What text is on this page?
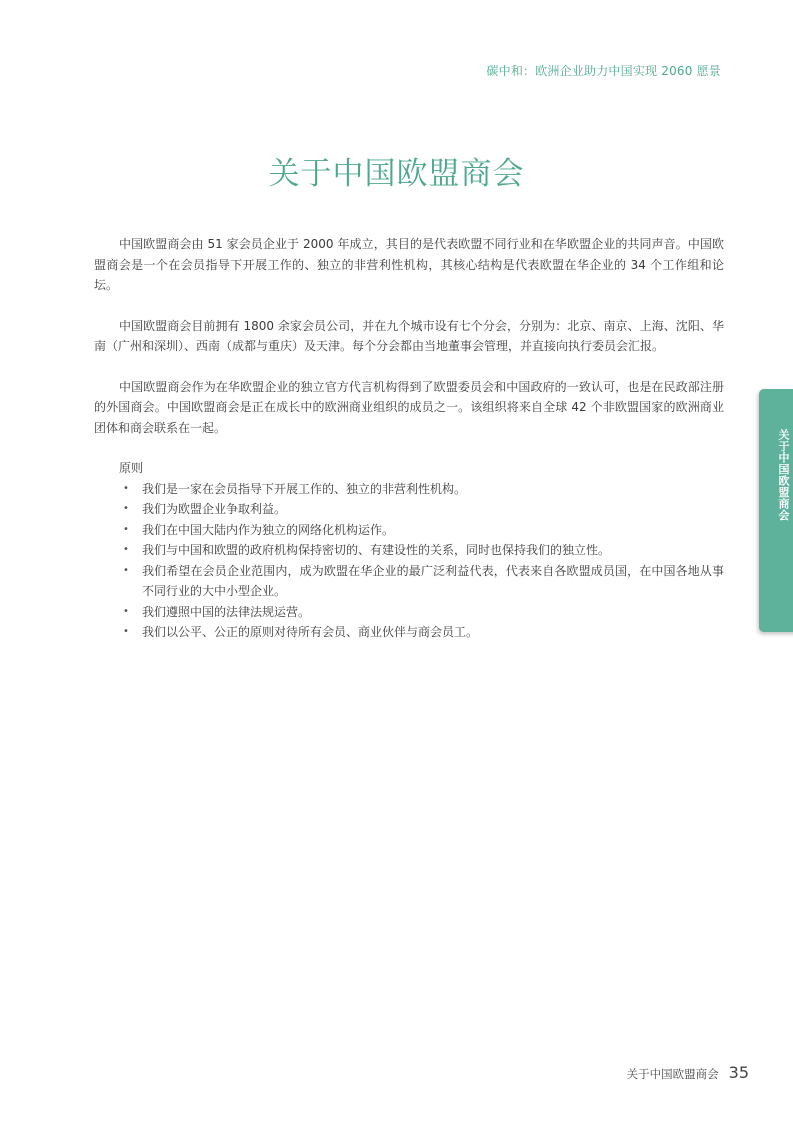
碳中和：欧洲企业助力中国实现 2060 愿景
关于中国欧盟商会

中国欧盟商会由 51 家会员企业于 2000 年成立，其目的是代表欧盟不同行业和在华欧盟企业的共同声音。中国欧盟商会是一个在会员指导下开展工作的、独立的非营利性机构，其核心结构是代表欧盟在华企业的 34 个工作组和论坛。

中国欧盟商会目前拥有 1800 余家会员公司，并在九个城市设有七个分会，分别为：北京、南京、上海、沈阳、华南（广州和深圳）、西南（成都与重庆）及天津。每个分会都由当地董事会管理，并直接向执行委员会汇报。

中国欧盟商会作为在华欧盟企业的独立官方代言机构得到了欧盟委员会和中国政府的一致认可，也是在民政部注册的外国商会。中国欧盟商会是正在成长中的欧洲商业组织的成员之一。该组织将来自全球 42 个非欧盟国家的欧洲商业团体和商会联系在一起。

原则
• 我们是一家在会员指导下开展工作的、独立的非营利性机构。
• 我们为欧盟企业争取利益。
• 我们在中国大陆内作为独立的网络化机构运作。
• 我们与中国和欧盟的政府机构保持密切的、有建设性的关系，同时也保持我们的独立性。
• 我们希望在会员企业范围内，成为欧盟在华企业的最广泛利益代表，代表来自各欧盟成员国，在中国各地从事不同行业的大中小型企业。
• 我们遵照中国的法律法规运营。
• 我们以公平、公正的原则对待所有会员、商业伙伴与商会员工。
关于中国欧盟商会
关于中国欧盟商会 35
